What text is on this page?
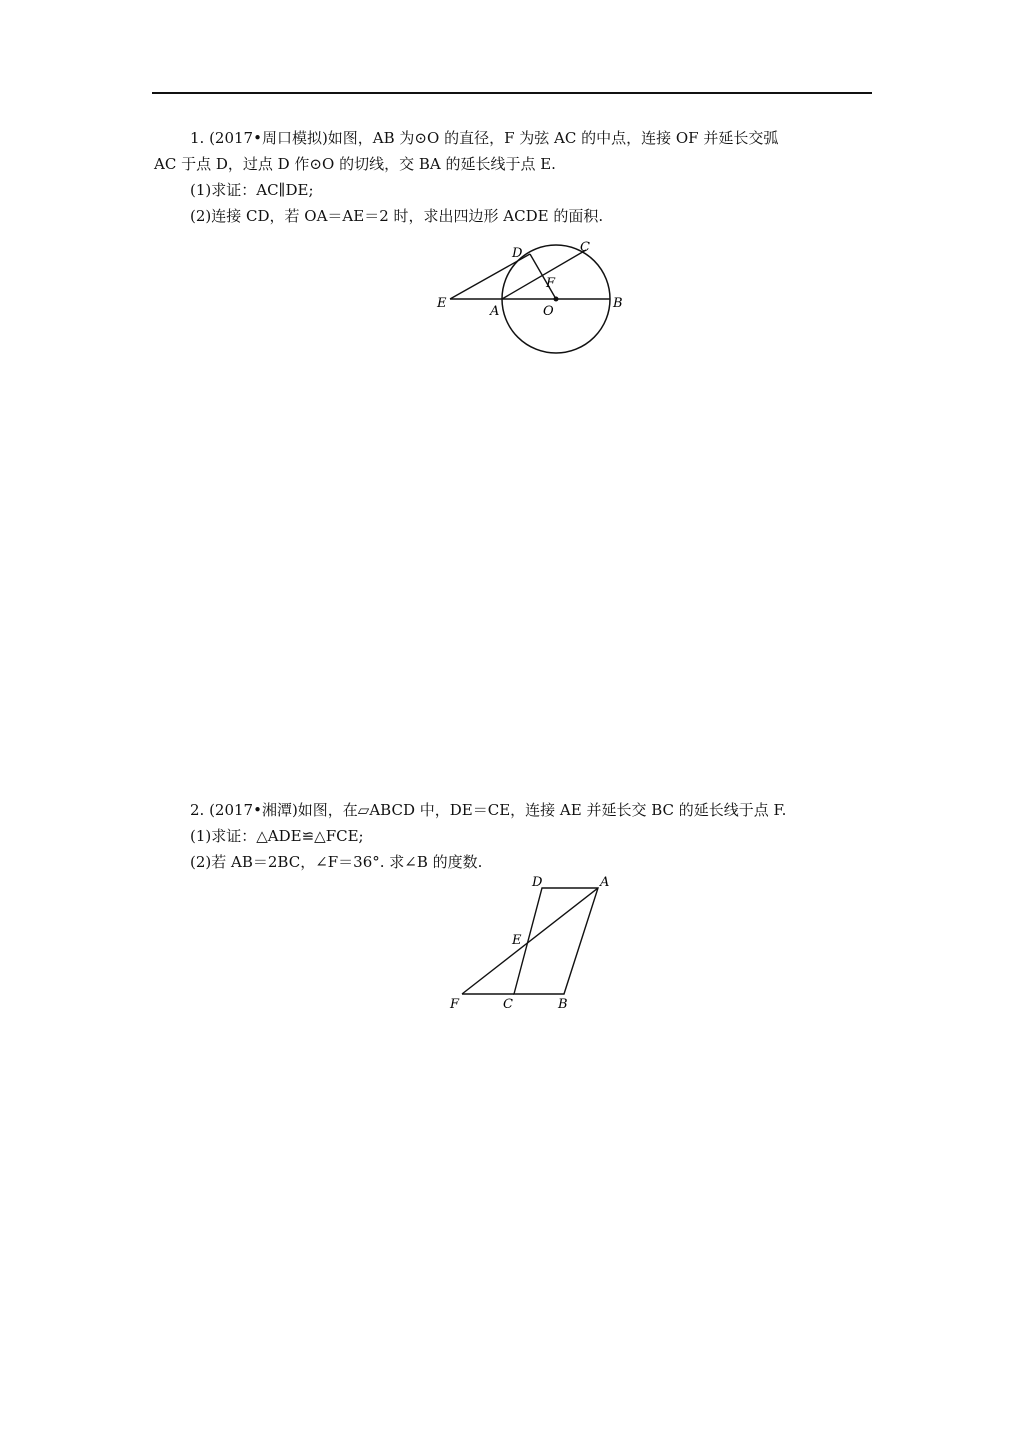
1. (2017•周口模拟)如图，AB 为⊙O 的直径，F 为弦 AC 的中点，连接 OF 并延长交弧
AC 于点 D，过点 D 作⊙O 的切线，交 BA 的延长线于点 E.
(1)求证：AC∥DE;
(2)连接 CD，若 OA＝AE＝2 时，求出四边形 ACDE 的面积.
D	C
F
E
A	O
B
2. (2017•湘潭)如图，在▱ABCD 中，DE＝CE，连接 AE 并延长交 BC 的延长线于点 F.
(1)求证：△ADE≌△FCE;
(2)若 AB＝2BC，∠F＝36°. 求∠B 的度数.
D	A
E
F	C	B
